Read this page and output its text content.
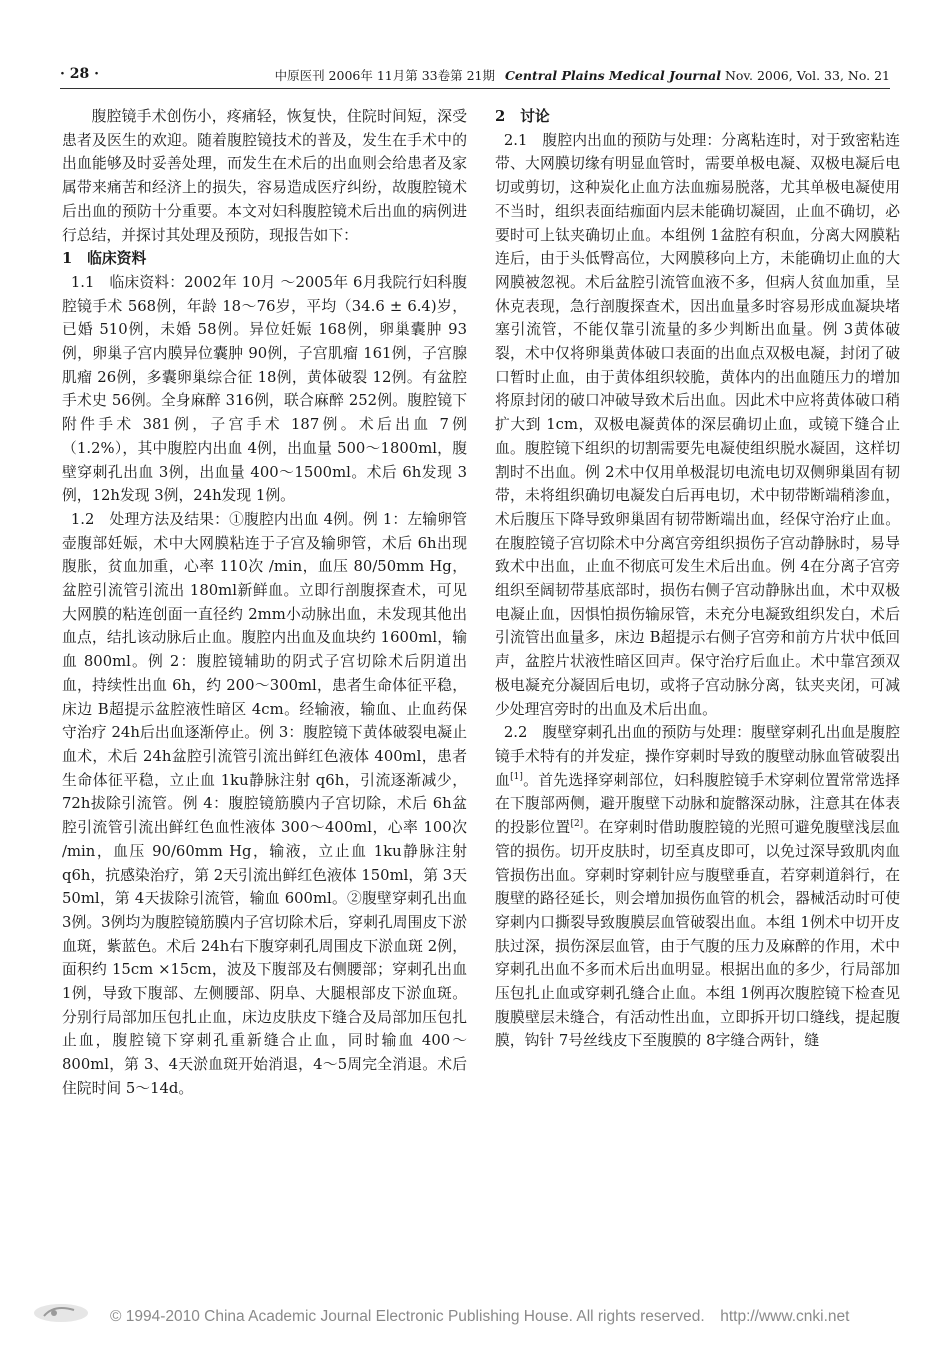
· 28 ·	中原医刊 2006年 11月第 33卷第 21期 Central Plains Medical Journal Nov. 2006, Vol. 33, No. 21

腹腔镜手术创伤小，疼痛轻，恢复快，住院时间短，深受患者及医生的欢迎。随着腹腔镜技术的普及，发生在手术中的出血能够及时妥善处理，而发生在术后的出血则会给患者及家属带来痛苦和经济上的损失，容易造成医疗纠纷，故腹腔镜术后出血的预防十分重要。本文对妇科腹腔镜术后出血的病例进行总结，并探讨其处理及预防，现报告如下：

1　临床资料

1.1　临床资料：2002年 10月 ～2005年 6月我院行妇科腹腔镜手术 568例，年龄 18～76岁，平均（34.6 ± 6.4)岁，已婚 510例，未婚 58例。异位妊娠 168例，卵巢囊肿 93例，卵巢子宫内膜异位囊肿 90例，子宫肌瘤 161例，子宫腺肌瘤 26例，多囊卵巢综合征 18例，黄体破裂 12例。有盆腔手术史 56例。全身麻醉 316例，联合麻醉 252例。腹腔镜下附件手术 381例，子宫手术 187例。术后出血 7例（1.2%），其中腹腔内出血 4例，出血量 500～1800ml，腹壁穿刺孔出血 3例，出血量 400～1500ml。术后 6h发现 3例，12h发现 3例，24h发现 1例。

1.2　处理方法及结果：①腹腔内出血 4例。例 1：左输卵管壶腹部妊娠，术中大网膜粘连于子宫及输卵管，术后 6h出现腹胀，贫血加重，心率 110次 /min，血压 80/50mm Hg，盆腔引流管引流出 180ml新鲜血。立即行剖腹探查术，可见大网膜的粘连创面一直径约 2mm小动脉出血，未发现其他出血点，结扎该动脉后止血。腹腔内出血及血块约 1600ml，输血 800ml。例 2：腹腔镜辅助的阴式子宫切除术后阴道出血，持续性出血 6h，约 200～300ml，患者生命体征平稳，床边 B超提示盆腔液性暗区 4cm。经输液，输血、止血药保守治疗 24h后出血逐渐停止。例 3：腹腔镜下黄体破裂电凝止血术，术后 24h盆腔引流管引流出鲜红色液体 400ml，患者生命体征平稳，立止血 1ku静脉注射 q6h，引流逐渐减少，72h拔除引流管。例 4：腹腔镜筋膜内子宫切除，术后 6h盆腔引流管引流出鲜红色血性液体 300～400ml，心率 100次 /min，血压 90/60mm Hg，输液，立止血 1ku静脉注射 q6h，抗感染治疗，第 2天引流出鲜红色液体 150ml，第 3天 50ml，第 4天拔除引流管，输血 600ml。②腹壁穿刺孔出血 3例。3例均为腹腔镜筋膜内子宫切除术后，穿刺孔周围皮下淤血斑，紫蓝色。术后 24h右下腹穿刺孔周围皮下淤血斑 2例，面积约 15cm ×15cm，波及下腹部及右侧腰部；穿刺孔出血 1例，导致下腹部、左侧腰部、阴阜、大腿根部皮下淤血斑。分别行局部加压包扎止血，床边皮肤皮下缝合及局部加压包扎止血，腹腔镜下穿刺孔重新缝合止血，同时输血 400～800ml，第 3、4天淤血斑开始消退，4～5周完全消退。术后住院时间 5～14d。

2　讨论

2.1　腹腔内出血的预防与处理：分离粘连时，对于致密粘连带、大网膜切缘有明显血管时，需要单极电凝、双极电凝后电切或剪切，这种炭化止血方法血痂易脱落，尤其单极电凝使用不当时，组织表面结痂面内层未能确切凝固，止血不确切，必要时可上钛夹确切止血。本组例 1盆腔有积血，分离大网膜粘连后，由于头低臀高位，大网膜移向上方，未能确切止血的大网膜被忽视。术后盆腔引流管血液不多，但病人贫血加重，呈休克表现，急行剖腹探查术，因出血量多时容易形成血凝块堵塞引流管，不能仅靠引流量的多少判断出血量。例 3黄体破裂，术中仅将卵巢黄体破口表面的出血点双极电凝，封闭了破口暂时止血，由于黄体组织较脆，黄体内的出血随压力的增加将原封闭的破口冲破导致术后出血。因此术中应将黄体破口稍扩大到 1cm，双极电凝黄体的深层确切止血，或镜下缝合止血。腹腔镜下组织的切割需要先电凝使组织脱水凝固，这样切割时不出血。例 2术中仅用单极混切电流电切双侧卵巢固有韧带，未将组织确切电凝发白后再电切，术中韧带断端稍渗血，术后腹压下降导致卵巢固有韧带断端出血，经保守治疗止血。在腹腔镜子宫切除术中分离宫旁组织损伤子宫动静脉时，易导致术中出血，止血不彻底可发生术后出血。例 4在分离子宫旁组织至阔韧带基底部时，损伤右侧子宫动静脉出血，术中双极电凝止血，因惧怕损伤输尿管，未充分电凝致组织发白，术后引流管出血量多，床边 B超提示右侧子宫旁和前方片状中低回声，盆腔片状液性暗区回声。保守治疗后血止。术中靠宫颈双极电凝充分凝固后电切，或将子宫动脉分离，钛夹夹闭，可减少处理宫旁时的出血及术后出血。

2.2　腹壁穿刺孔出血的预防与处理：腹壁穿刺孔出血是腹腔镜手术特有的并发症，操作穿刺时导致的腹壁动脉血管破裂出血[1]。首先选择穿刺部位，妇科腹腔镜手术穿刺位置常常选择在下腹部两侧，避开腹壁下动脉和旋髂深动脉，注意其在体表的投影位置[2]。在穿刺时借助腹腔镜的光照可避免腹壁浅层血管的损伤。切开皮肤时，切至真皮即可，以免过深导致肌肉血管损伤出血。穿刺时穿刺针应与腹壁垂直，若穿刺道斜行，在腹壁的路径延长，则会增加损伤血管的机会，器械活动时可使穿刺内口撕裂导致腹膜层血管破裂出血。本组 1例术中切开皮肤过深，损伤深层血管，由于气腹的压力及麻醉的作用，术中穿刺孔出血不多而术后出血明显。根据出血的多少，行局部加压包扎止血或穿刺孔缝合止血。本组 1例再次腹腔镜下检查见腹膜壁层未缝合，有活动性出血，立即拆开切口缝线，提起腹膜，钩针 7号丝线皮下至腹膜的 8字缝合两针，缝

© 1994-2010 China Academic Journal Electronic Publishing House. All rights reserved.　http://www.cnki.net
